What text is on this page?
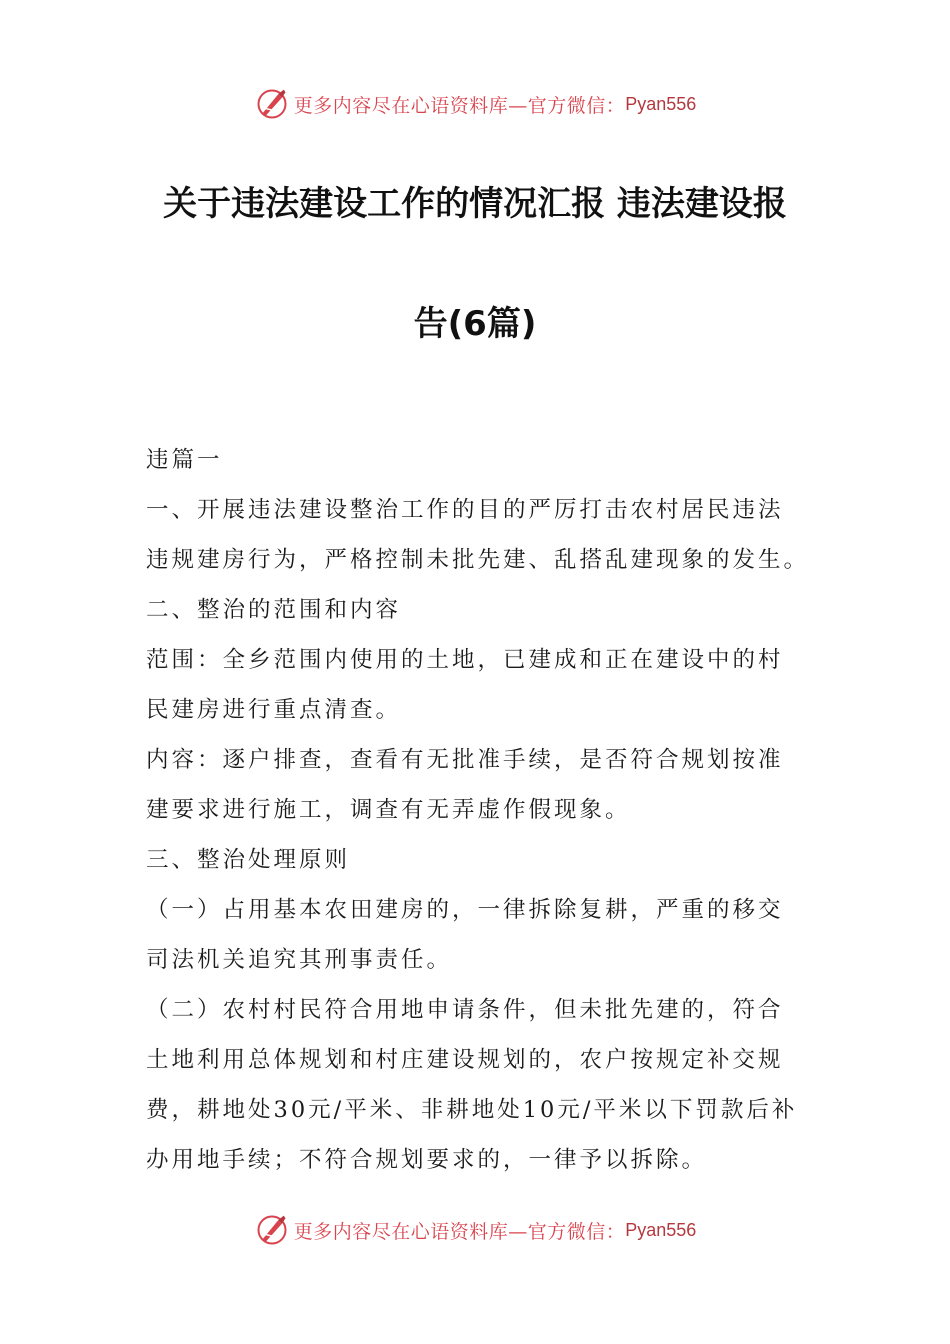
更多内容尽在心语资料库—官方微信： Pyan556
关于违法建设工作的情况汇报 违法建设报
告(6篇)

违篇一

一、开展违法建设整治工作的目的严厉打击农村居民违法

违规建房行为，严格控制未批先建、乱搭乱建现象的发生。

二、整治的范围和内容

范围：全乡范围内使用的土地，已建成和正在建设中的村

民建房进行重点清查。

内容：逐户排查，查看有无批准手续，是否符合规划按准

建要求进行施工，调查有无弄虚作假现象。

三、整治处理原则

（一）占用基本农田建房的，一律拆除复耕，严重的移交

司法机关追究其刑事责任。

（二）农村村民符合用地申请条件，但未批先建的，符合

土地利用总体规划和村庄建设规划的，农户按规定补交规

费，耕地处30元/平米、非耕地处10元/平米以下罚款后补

办用地手续；不符合规划要求的，一律予以拆除。

更多内容尽在心语资料库—官方微信： Pyan556
